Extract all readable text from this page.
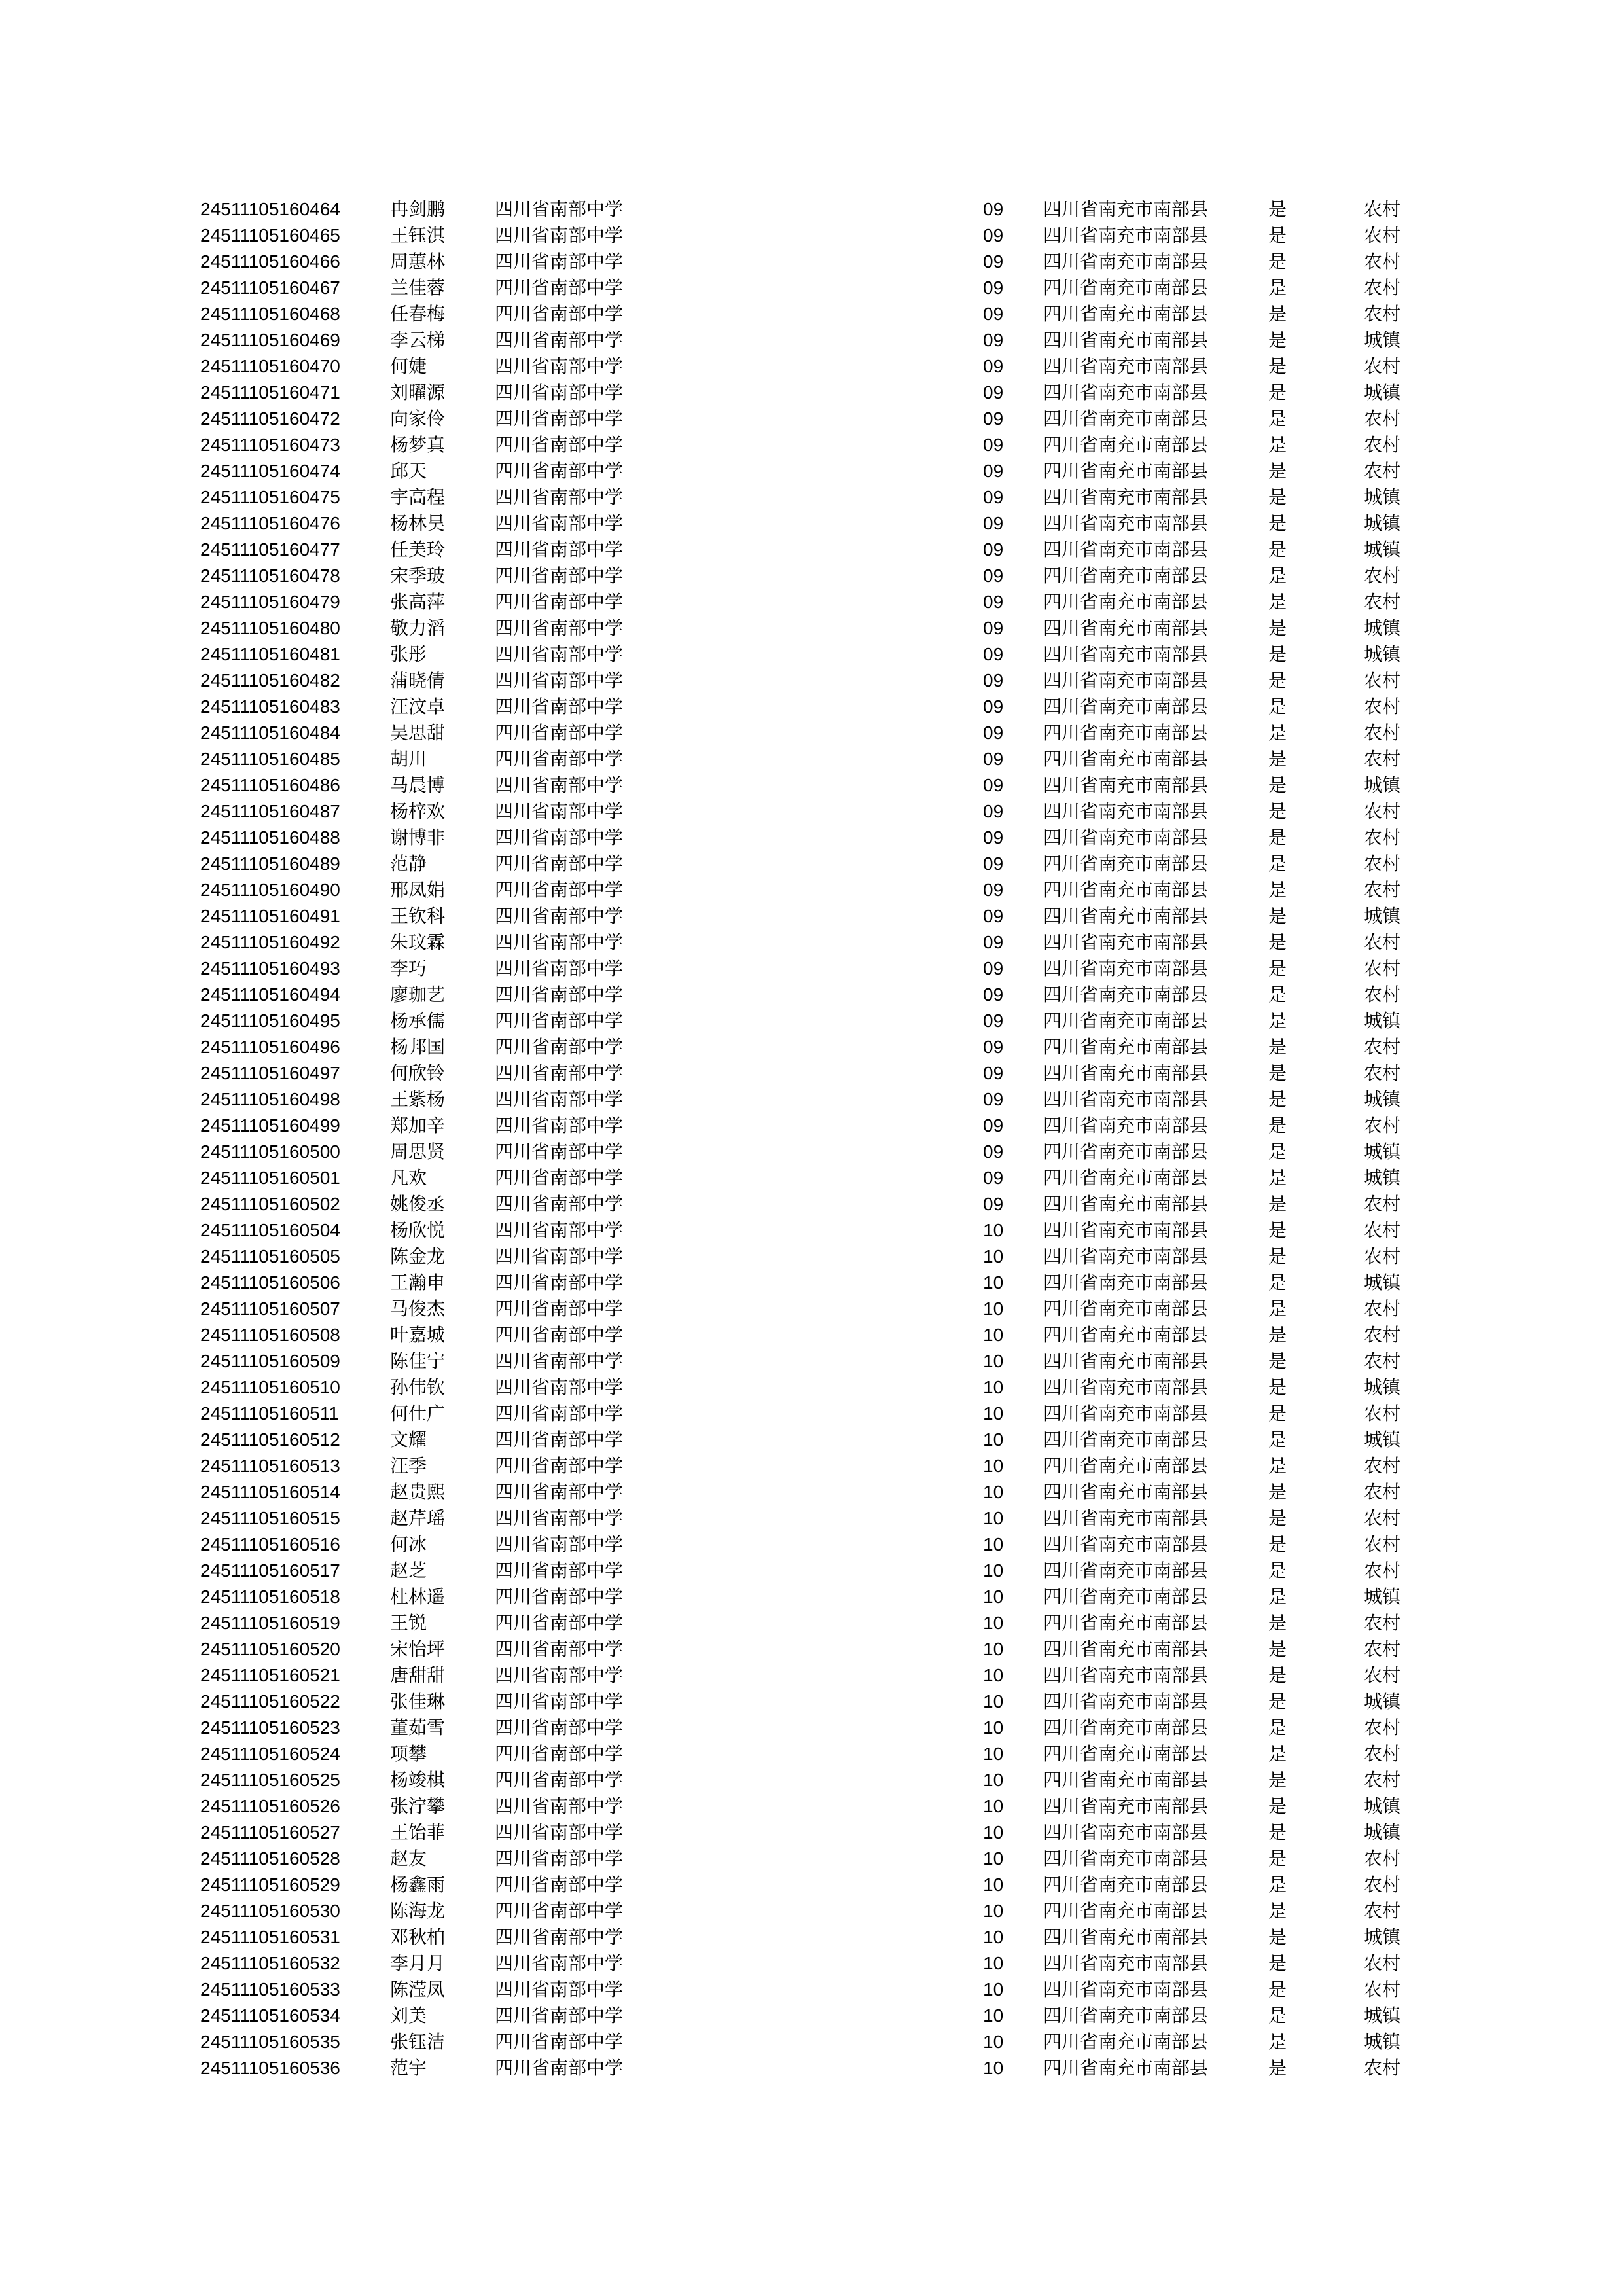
24511105160464	冉剑鹏	四川省南部中学	09 四川省南充市南部县	是	农村
24511105160465	王钰淇	四川省南部中学	09 四川省南充市南部县	是	农村
24511105160466	周蕙林	四川省南部中学	09 四川省南充市南部县	是	农村
24511105160467	兰佳蓉	四川省南部中学	09 四川省南充市南部县	是	农村
24511105160468	任春梅	四川省南部中学	09 四川省南充市南部县	是	农村
24511105160469	李云梯	四川省南部中学	09 四川省南充市南部县	是	城镇
24511105160470	何婕	四川省南部中学	09 四川省南充市南部县	是	农村
24511105160471	刘曜源	四川省南部中学	09 四川省南充市南部县	是	城镇
24511105160472	向家伶	四川省南部中学	09 四川省南充市南部县	是	农村
24511105160473	杨梦真	四川省南部中学	09 四川省南充市南部县	是	农村
24511105160474	邱天	四川省南部中学	09 四川省南充市南部县	是	农村
24511105160475	宇高程	四川省南部中学	09 四川省南充市南部县	是	城镇
24511105160476	杨林昊	四川省南部中学	09 四川省南充市南部县	是	城镇
24511105160477	任美玲	四川省南部中学	09 四川省南充市南部县	是	城镇
24511105160478	宋季玻	四川省南部中学	09 四川省南充市南部县	是	农村
24511105160479	张高萍	四川省南部中学	09 四川省南充市南部县	是	农村
24511105160480	敬力滔	四川省南部中学	09 四川省南充市南部县	是	城镇
24511105160481	张彤	四川省南部中学	09 四川省南充市南部县	是	城镇
24511105160482	蒲晓倩	四川省南部中学	09 四川省南充市南部县	是	农村
24511105160483	汪汶卓	四川省南部中学	09 四川省南充市南部县	是	农村
24511105160484	吴思甜	四川省南部中学	09 四川省南充市南部县	是	农村
24511105160485	胡川	四川省南部中学	09 四川省南充市南部县	是	农村
24511105160486	马晨博	四川省南部中学	09 四川省南充市南部县	是	城镇
24511105160487	杨梓欢	四川省南部中学	09 四川省南充市南部县	是	农村
24511105160488	谢博非	四川省南部中学	09 四川省南充市南部县	是	农村
24511105160489	范静	四川省南部中学	09 四川省南充市南部县	是	农村
24511105160490	邢凤娟	四川省南部中学	09 四川省南充市南部县	是	农村
24511105160491	王钦科	四川省南部中学	09 四川省南充市南部县	是	城镇
24511105160492	朱玟霖	四川省南部中学	09 四川省南充市南部县	是	农村
24511105160493	李巧	四川省南部中学	09 四川省南充市南部县	是	农村
24511105160494	廖珈艺	四川省南部中学	09 四川省南充市南部县	是	农村
24511105160495	杨承儒	四川省南部中学	09 四川省南充市南部县	是	城镇
24511105160496	杨邦国	四川省南部中学	09 四川省南充市南部县	是	农村
24511105160497	何欣铃	四川省南部中学	09 四川省南充市南部县	是	农村
24511105160498	王紫杨	四川省南部中学	09 四川省南充市南部县	是	城镇
24511105160499	郑加辛	四川省南部中学	09 四川省南充市南部县	是	农村
24511105160500	周思贤	四川省南部中学	09 四川省南充市南部县	是	城镇
24511105160501	凡欢	四川省南部中学	09 四川省南充市南部县	是	城镇
24511105160502	姚俊丞	四川省南部中学	09 四川省南充市南部县	是	农村
24511105160504	杨欣悦	四川省南部中学	10 四川省南充市南部县	是	农村
24511105160505	陈金龙	四川省南部中学	10 四川省南充市南部县	是	农村
24511105160506	王瀚申	四川省南部中学	10 四川省南充市南部县	是	城镇
24511105160507	马俊杰	四川省南部中学	10 四川省南充市南部县	是	农村
24511105160508	叶嘉城	四川省南部中学	10 四川省南充市南部县	是	农村
24511105160509	陈佳宁	四川省南部中学	10 四川省南充市南部县	是	农村
24511105160510	孙伟钦	四川省南部中学	10 四川省南充市南部县	是	城镇
24511105160511	何仕广	四川省南部中学	10 四川省南充市南部县	是	农村
24511105160512	文耀	四川省南部中学	10 四川省南充市南部县	是	城镇
24511105160513	汪季	四川省南部中学	10 四川省南充市南部县	是	农村
24511105160514	赵贵熙	四川省南部中学	10 四川省南充市南部县	是	农村
24511105160515	赵芹瑶	四川省南部中学	10 四川省南充市南部县	是	农村
24511105160516	何冰	四川省南部中学	10 四川省南充市南部县	是	农村
24511105160517	赵芝	四川省南部中学	10 四川省南充市南部县	是	农村
24511105160518	杜林遥	四川省南部中学	10 四川省南充市南部县	是	城镇
24511105160519	王锐	四川省南部中学	10 四川省南充市南部县	是	农村
24511105160520	宋怡坪	四川省南部中学	10 四川省南充市南部县	是	农村
24511105160521	唐甜甜	四川省南部中学	10 四川省南充市南部县	是	农村
24511105160522	张佳琳	四川省南部中学	10 四川省南充市南部县	是	城镇
24511105160523	董茹雪	四川省南部中学	10 四川省南充市南部县	是	农村
24511105160524	项攀	四川省南部中学	10 四川省南充市南部县	是	农村
24511105160525	杨竣棋	四川省南部中学	10 四川省南充市南部县	是	农村
24511105160526	张泞攀	四川省南部中学	10 四川省南充市南部县	是	城镇
24511105160527	王饴菲	四川省南部中学	10 四川省南充市南部县	是	城镇
24511105160528	赵友	四川省南部中学	10 四川省南充市南部县	是	农村
24511105160529	杨鑫雨	四川省南部中学	10 四川省南充市南部县	是	农村
24511105160530	陈海龙	四川省南部中学	10 四川省南充市南部县	是	农村
24511105160531	邓秋柏	四川省南部中学	10 四川省南充市南部县	是	城镇
24511105160532	李月月	四川省南部中学	10 四川省南充市南部县	是	农村
24511105160533	陈滢凤	四川省南部中学	10 四川省南充市南部县	是	农村
24511105160534	刘美	四川省南部中学	10 四川省南充市南部县	是	城镇
24511105160535	张钰洁	四川省南部中学	10 四川省南充市南部县	是	城镇
24511105160536	范宇	四川省南部中学	10 四川省南充市南部县	是	农村
